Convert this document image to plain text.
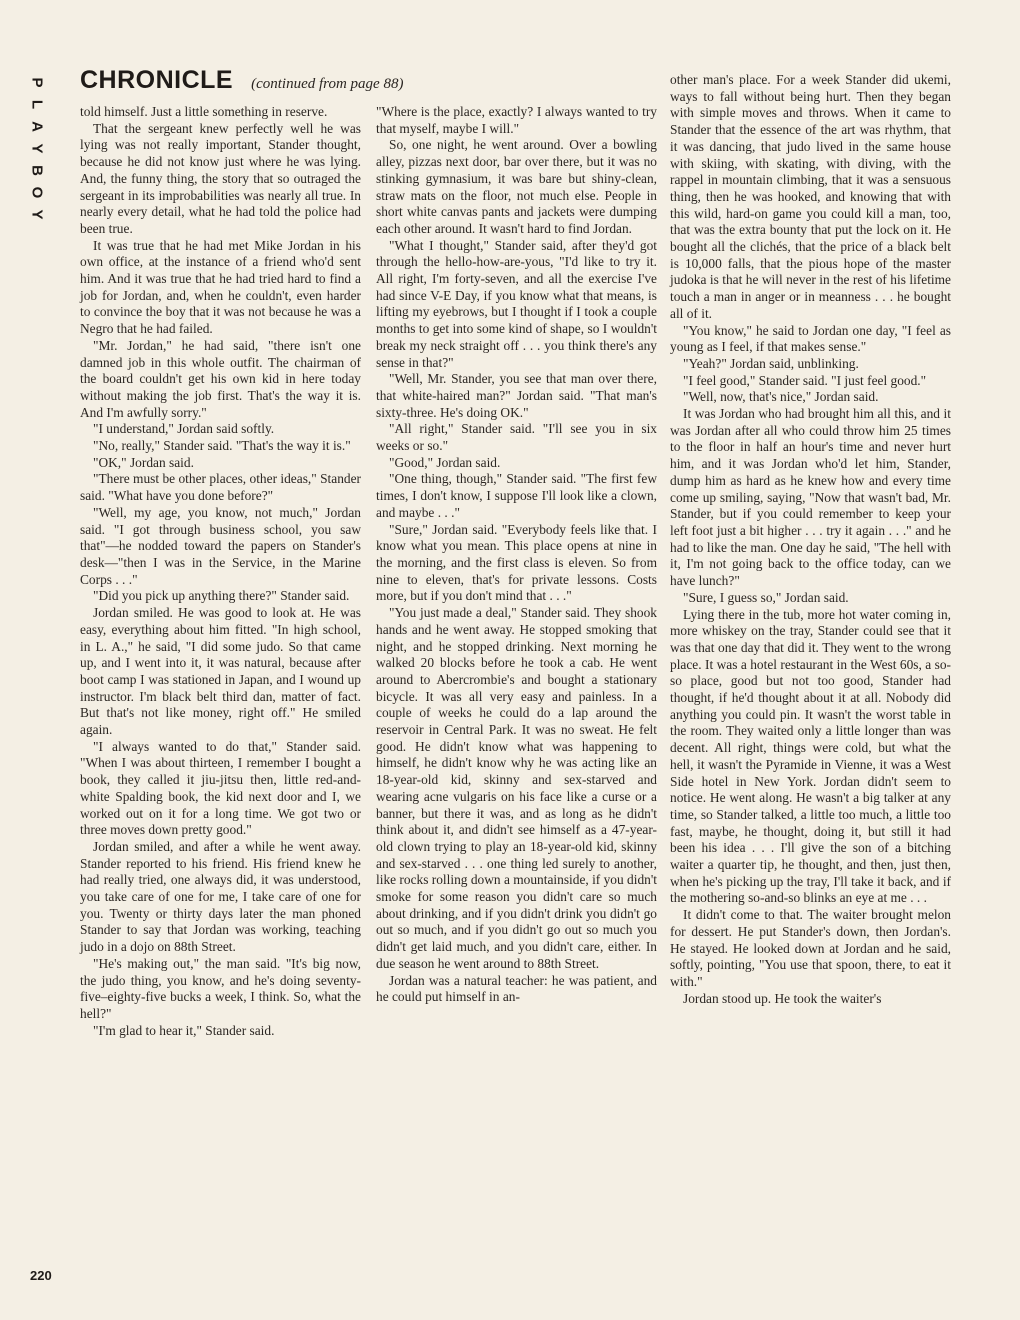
P
L
A
Y
B
O
Y
CHRONICLE (continued from page 88)

told himself. Just a little something in reserve.

That the sergeant knew perfectly well he was lying was not really important, Stander thought, because he did not know just where he was lying. And, the funny thing, the story that so outraged the sergeant in its improbabilities was nearly all true. In nearly every detail, what he had told the police had been true.

It was true that he had met Mike Jordan in his own office, at the instance of a friend who'd sent him. And it was true that he had tried hard to find a job for Jordan, and, when he couldn't, even harder to convince the boy that it was not because he was a Negro that he had failed.

"Mr. Jordan," he had said, "there isn't one damned job in this whole outfit. The chairman of the board couldn't get his own kid in here today without making the job first. That's the way it is. And I'm awfully sorry."

"I understand," Jordan said softly.

"No, really," Stander said. "That's the way it is."

"OK," Jordan said.

"There must be other places, other ideas," Stander said. "What have you done before?"

"Well, my age, you know, not much," Jordan said. "I got through business school, you saw that"—he nodded toward the papers on Stander's desk—"then I was in the Service, in the Marine Corps . . ."

"Did you pick up anything there?" Stander said.

Jordan smiled. He was good to look at. He was easy, everything about him fitted. "In high school, in L. A.," he said, "I did some judo. So that came up, and I went into it, it was natural, because after boot camp I was stationed in Japan, and I wound up instructor. I'm black belt third dan, matter of fact. But that's not like money, right off." He smiled again.

"I always wanted to do that," Stander said. "When I was about thirteen, I remember I bought a book, they called it jiu-jitsu then, little red-and-white Spalding book, the kid next door and I, we worked out on it for a long time. We got two or three moves down pretty good."

Jordan smiled, and after a while he went away. Stander reported to his friend. His friend knew he had really tried, one always did, it was understood, you take care of one for me, I take care of one for you. Twenty or thirty days later the man phoned Stander to say that Jordan was working, teaching judo in a dojo on 88th Street.

"He's making out," the man said. "It's big now, the judo thing, you know, and he's doing seventy-five–eighty-five bucks a week, I think. So, what the hell?"

"I'm glad to hear it," Stander said.

"Where is the place, exactly? I always wanted to try that myself, maybe I will."

So, one night, he went around. Over a bowling alley, pizzas next door, bar over there, but it was no stinking gymnasium, it was bare but shiny-clean, straw mats on the floor, not much else. People in short white canvas pants and jackets were dumping each other around. It wasn't hard to find Jordan.

"What I thought," Stander said, after they'd got through the hello-how-are-yous, "I'd like to try it. All right, I'm forty-seven, and all the exercise I've had since V-E Day, if you know what that means, is lifting my eyebrows, but I thought if I took a couple months to get into some kind of shape, so I wouldn't break my neck straight off . . . you think there's any sense in that?"

"Well, Mr. Stander, you see that man over there, that white-haired man?" Jordan said. "That man's sixty-three. He's doing OK."

"All right," Stander said. "I'll see you in six weeks or so."

"Good," Jordan said.

"One thing, though," Stander said. "The first few times, I don't know, I suppose I'll look like a clown, and maybe . . ."

"Sure," Jordan said. "Everybody feels like that. I know what you mean. This place opens at nine in the morning, and the first class is eleven. So from nine to eleven, that's for private lessons. Costs more, but if you don't mind that . . ."

"You just made a deal," Stander said. They shook hands and he went away. He stopped smoking that night, and he stopped drinking. Next morning he walked 20 blocks before he took a cab. He went around to Abercrombie's and bought a stationary bicycle. It was all very easy and painless. In a couple of weeks he could do a lap around the reservoir in Central Park. It was no sweat. He felt good. He didn't know what was happening to himself, he didn't know why he was acting like an 18-year-old kid, skinny and sex-starved and wearing acne vulgaris on his face like a curse or a banner, but there it was, and as long as he didn't think about it, and didn't see himself as a 47-year-old clown trying to play an 18-year-old kid, skinny and sex-starved . . . one thing led surely to another, like rocks rolling down a mountainside, if you didn't smoke for some reason you didn't care so much about drinking, and if you didn't drink you didn't go out so much, and if you didn't go out so much you didn't get laid much, and you didn't care, either. In due season he went around to 88th Street.

Jordan was a natural teacher: he was patient, and he could put himself in an-

other man's place. For a week Stander did ukemi, ways to fall without being hurt. Then they began with simple moves and throws. When it came to Stander that the essence of the art was rhythm, that it was dancing, that judo lived in the same house with skiing, with skating, with diving, with the rappel in mountain climbing, that it was a sensuous thing, then he was hooked, and knowing that with this wild, hard-on game you could kill a man, too, that was the extra bounty that put the lock on it. He bought all the clichés, that the price of a black belt is 10,000 falls, that the pious hope of the master judoka is that he will never in the rest of his lifetime touch a man in anger or in meanness . . . he bought all of it.

"You know," he said to Jordan one day, "I feel as young as I feel, if that makes sense."

"Yeah?" Jordan said, unblinking.

"I feel good," Stander said. "I just feel good."

"Well, now, that's nice," Jordan said.

It was Jordan who had brought him all this, and it was Jordan after all who could throw him 25 times to the floor in half an hour's time and never hurt him, and it was Jordan who'd let him, Stander, dump him as hard as he knew how and every time come up smiling, saying, "Now that wasn't bad, Mr. Stander, but if you could remember to keep your left foot just a bit higher . . . try it again . . ." and he had to like the man. One day he said, "The hell with it, I'm not going back to the office today, can we have lunch?"

"Sure, I guess so," Jordan said.

Lying there in the tub, more hot water coming in, more whiskey on the tray, Stander could see that it was that one day that did it. They went to the wrong place. It was a hotel restaurant in the West 60s, a so-so place, good but not too good, Stander had thought, if he'd thought about it at all. Nobody did anything you could pin. It wasn't the worst table in the room. They waited only a little longer than was decent. All right, things were cold, but what the hell, it wasn't the Pyramide in Vienne, it was a West Side hotel in New York. Jordan didn't seem to notice. He went along. He wasn't a big talker at any time, so Stander talked, a little too much, a little too fast, maybe, he thought, doing it, but still it had been his idea . . . I'll give the son of a bitching waiter a quarter tip, he thought, and then, just then, when he's picking up the tray, I'll take it back, and if the mothering so-and-so blinks an eye at me . . .

It didn't come to that. The waiter brought melon for dessert. He put Stander's down, then Jordan's. He stayed. He looked down at Jordan and he said, softly, pointing, "You use that spoon, there, to eat it with."

Jordan stood up. He took the waiter's

220
